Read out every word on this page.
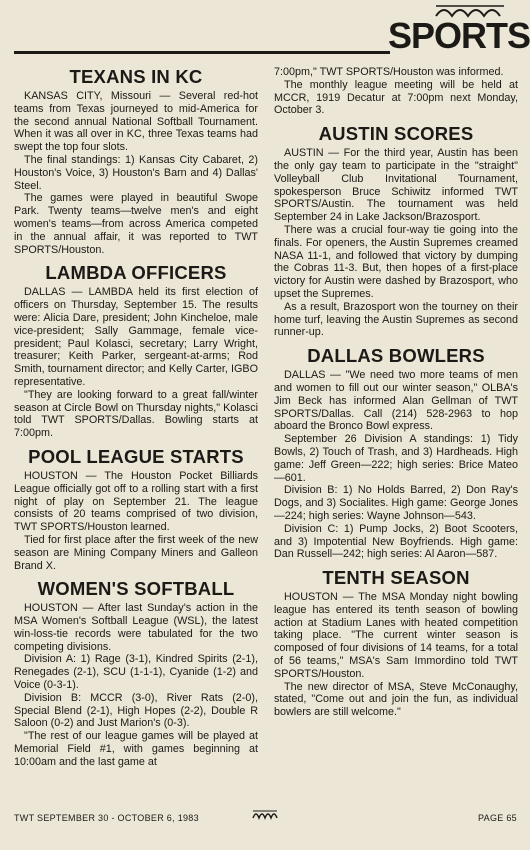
SPORTS
TEXANS IN KC

KANSAS CITY, Missouri — Several red-hot teams from Texas journeyed to mid-America for the second annual National Softball Tournament. When it was all over in KC, three Texas teams had swept the top four slots.

The final standings: 1) Kansas City Cabaret, 2) Houston's Voice, 3) Houston's Barn and 4) Dallas' Steel.

The games were played in beautiful Swope Park. Twenty teams—twelve men's and eight women's teams—from across America competed in the annual affair, it was reported to TWT SPORTS/Houston.

LAMBDA OFFICERS

DALLAS — LAMBDA held its first election of officers on Thursday, September 15. The results were: Alicia Dare, president; John Kincheloe, male vice-president; Sally Gammage, female vice-president; Paul Kolasci, secretary; Larry Wright, treasurer; Keith Parker, sergeant-at-arms; Rod Smith, tournament director; and Kelly Carter, IGBO representative.

"They are looking forward to a great fall/winter season at Circle Bowl on Thursday nights," Kolasci told TWT SPORTS/Dallas. Bowling starts at 7:00pm.

POOL LEAGUE STARTS

HOUSTON — The Houston Pocket Billiards League officially got off to a rolling start with a first night of play on September 21. The league consists of 20 teams comprised of two division, TWT SPORTS/Houston learned.

Tied for first place after the first week of the new season are Mining Company Miners and Galleon Brand X.

WOMEN'S SOFTBALL

HOUSTON — After last Sunday's action in the MSA Women's Softball League (WSL), the latest win-loss-tie records were tabulated for the two competing divisions.

Division A: 1) Rage (3-1), Kindred Spirits (2-1), Renegades (2-1), SCU (1-1-1), Cyanide (1-2) and Voice (0-3-1).

Division B: MCCR (3-0), River Rats (2-0), Special Blend (2-1), High Hopes (2-2), Double R Saloon (0-2) and Just Marion's (0-3).

"The rest of our league games will be played at Memorial Field #1, with games beginning at 10:00am and the last game at

7:00pm," TWT SPORTS/Houston was informed.

The monthly league meeting will be held at MCCR, 1919 Decatur at 7:00pm next Monday, October 3.

AUSTIN SCORES

AUSTIN — For the third year, Austin has been the only gay team to participate in the "straight" Volleyball Club Invitational Tournament, spokesperson Bruce Schiwitz informed TWT SPORTS/Austin. The tournament was held September 24 in Lake Jackson/Brazosport.

There was a crucial four-way tie going into the finals. For openers, the Austin Supremes creamed NASA 11-1, and followed that victory by dumping the Cobras 11-3. But, then hopes of a first-place victory for Austin were dashed by Brazosport, who upset the Supremes.

As a result, Brazosport won the tourney on their home turf, leaving the Austin Supremes as second runner-up.

DALLAS BOWLERS

DALLAS — "We need two more teams of men and women to fill out our winter season," OLBA's Jim Beck has informed Alan Gellman of TWT SPORTS/Dallas. Call (214) 528-2963 to hop aboard the Bronco Bowl express.

September 26 Division A standings: 1) Tidy Bowls, 2) Touch of Trash, and 3) Hardheads. High game: Jeff Green—222; high series: Brice Mateo—601.

Division B: 1) No Holds Barred, 2) Don Ray's Dogs, and 3) Socialites. High game: George Jones—224; high series: Wayne Johnson—543.

Division C: 1) Pump Jocks, 2) Boot Scooters, and 3) Impotential New Boyfriends. High game: Dan Russell—242; high series: Al Aaron—587.

TENTH SEASON

HOUSTON — The MSA Monday night bowling league has entered its tenth season of bowling action at Stadium Lanes with heated competition taking place. "The current winter season is composed of four divisions of 14 teams, for a total of 56 teams," MSA's Sam Immordino told TWT SPORTS/Houston.

The new director of MSA, Steve McConaughy, stated, "Come out and join the fun, as individual bowlers are still welcome."

TWT SEPTEMBER 30 - OCTOBER 6, 1983	PAGE 65
